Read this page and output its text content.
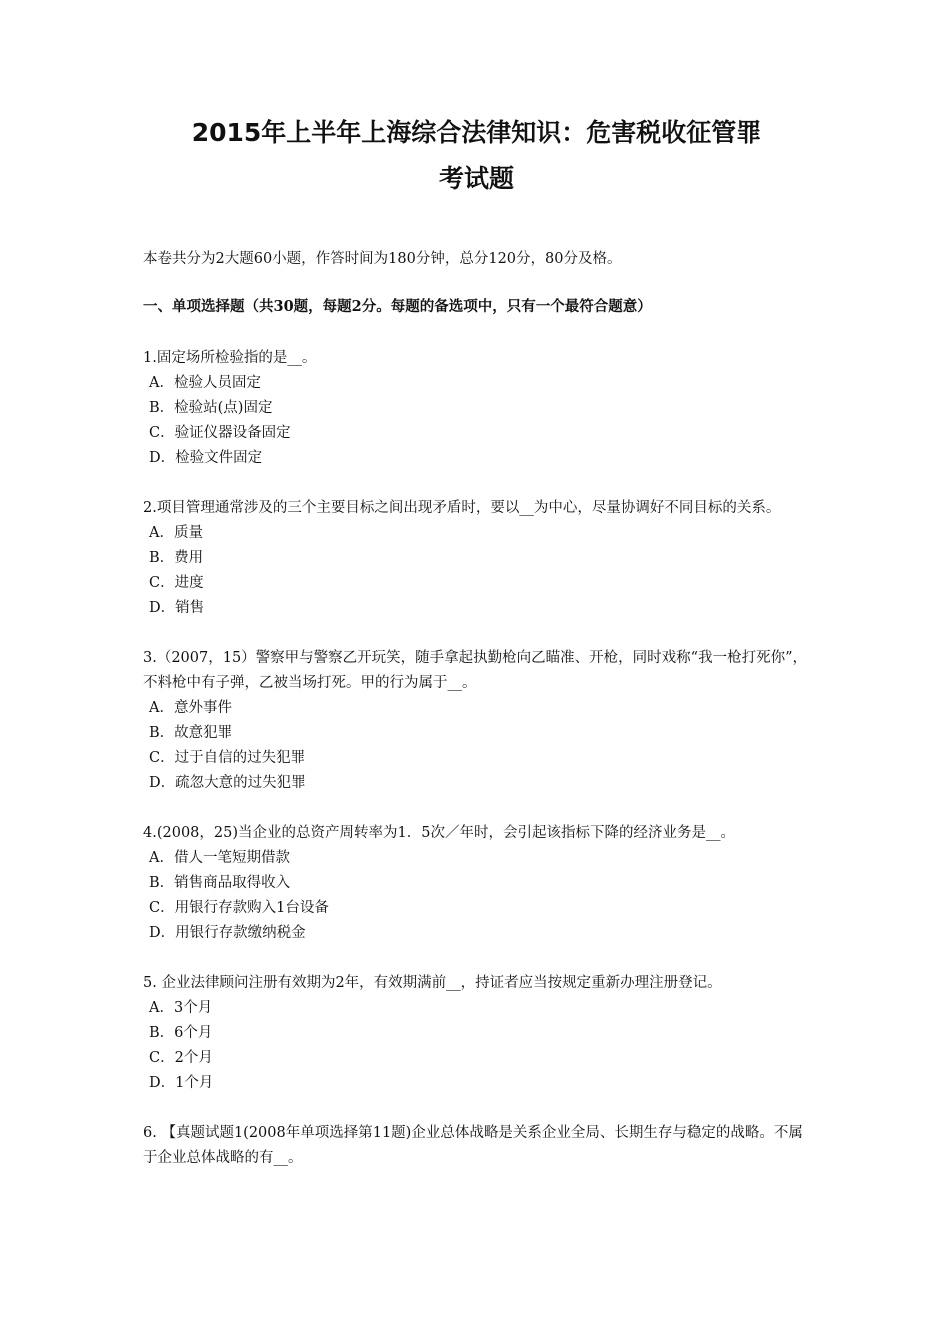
2015年上半年上海综合法律知识：危害税收征管罪
考试题

本卷共分为2大题60小题，作答时间为180分钟，总分120分，80分及格。

一、单项选择题（共30题，每题2分。每题的备选项中，只有一个最符合题意）

1.固定场所检验指的是__。
A．检验人员固定
B．检验站(点)固定
C．验证仪器设备固定
D．检验文件固定
2.项目管理通常涉及的三个主要目标之间出现矛盾时，要以__为中心，尽量协调好不同目标的关系。
A．质量
B．费用
C．进度
D．销售
3.（2007，15）警察甲与警察乙开玩笑，随手拿起执勤枪向乙瞄准、开枪，同时戏称“我一枪打死你”，不料枪中有子弹，乙被当场打死。甲的行为属于__。
A．意外事件
B．故意犯罪
C．过于自信的过失犯罪
D．疏忽大意的过失犯罪
4.(2008，25)当企业的总资产周转率为1．5次／年时，会引起该指标下降的经济业务是__。
A．借人一笔短期借款
B．销售商品取得收入
C．用银行存款购入1台设备
D．用银行存款缴纳税金
5. 企业法律顾问注册有效期为2年，有效期满前__，持证者应当按规定重新办理注册登记。
A．3个月
B．6个月
C．2个月
D．1个月
6. 【真题试题1(2008年单项选择第11题)企业总体战略是关系企业全局、长期生存与稳定的战略。不属于企业总体战略的有__。
